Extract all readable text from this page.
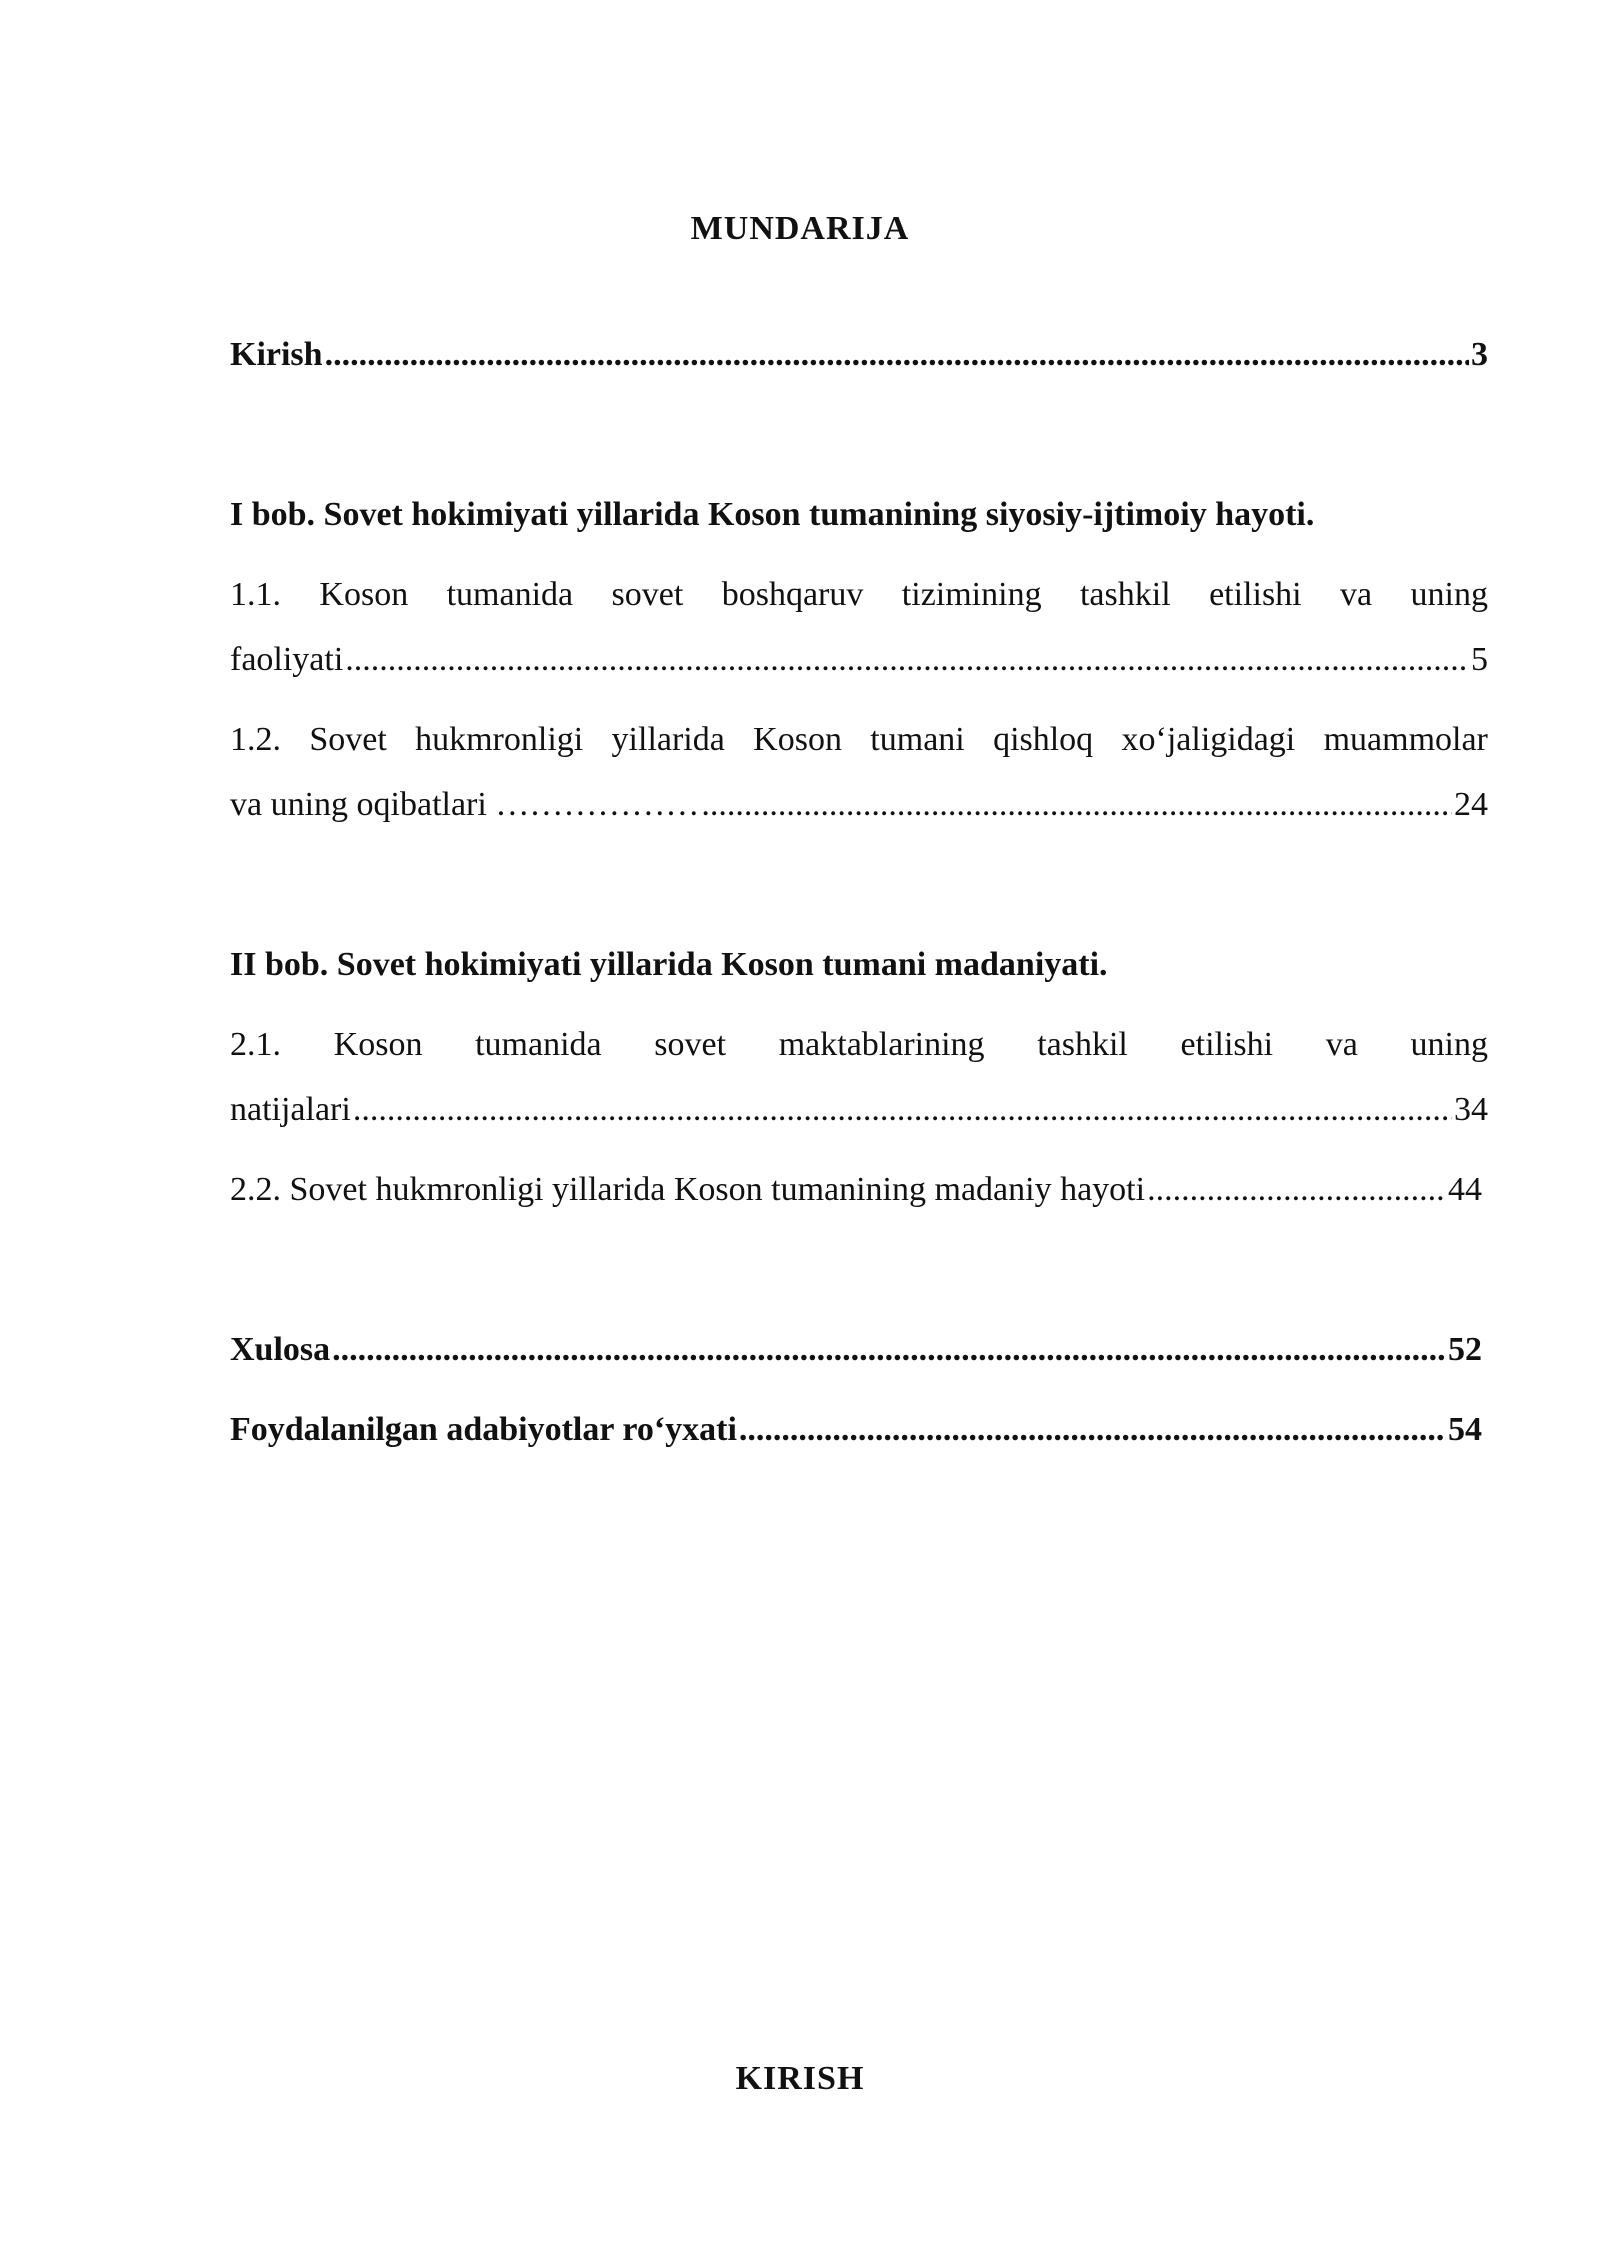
MUNDARIJA
Kirish .....	3
I bob. Sovet hokimiyati yillarida Koson tumanining siyosiy-ijtimoiy hayoti.
1.1. Koson tumanida sovet boshqaruv tizimining tashkil etilishi va uning
faoliyati .....	5
1.2. Sovet hukmronligi yillarida Koson tumani qishloq xo‘jaligidagi muammolar
va uning oqibatlari ……………… .....	24
II bob. Sovet hokimiyati yillarida Koson tumani madaniyati.
2.1. Koson tumanida sovet maktablarining tashkil etilishi va uning
natijalari .....	34
2.2. Sovet hukmronligi yillarida Koson tumanining madaniy hayoti .....	44
Xulosa .....	52
Foydalanilgan adabiyotlar ro‘yxati .....	54
KIRISH
